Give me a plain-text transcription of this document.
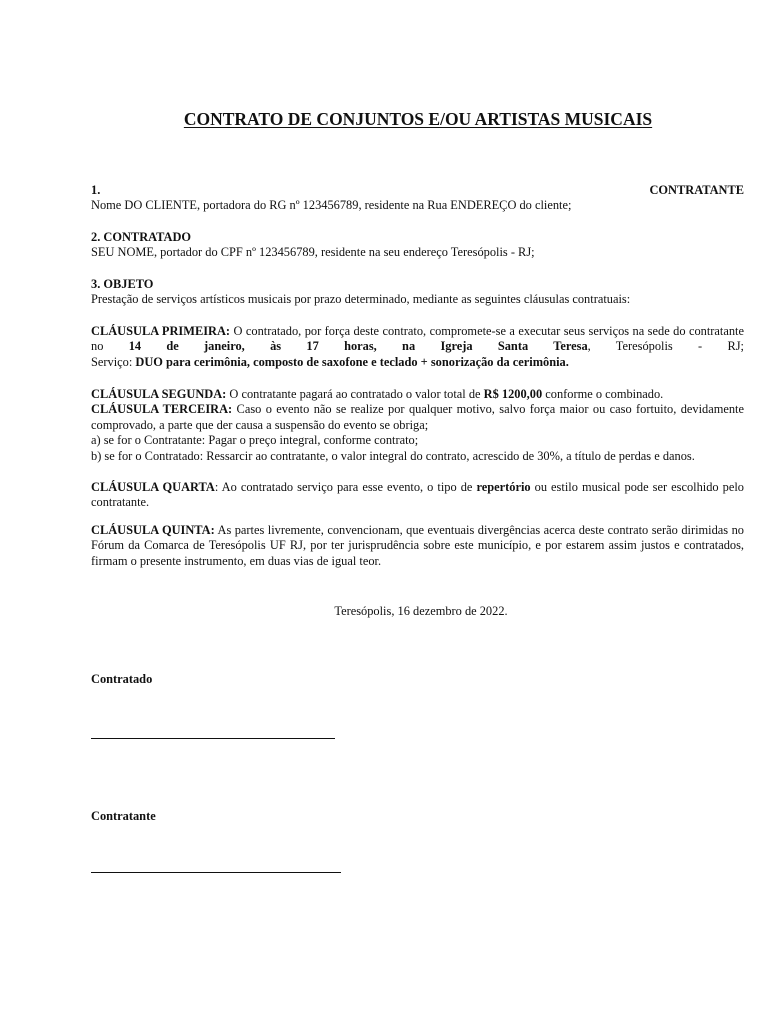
CONTRATO DE CONJUNTOS E/OU ARTISTAS MUSICAIS
1.	CONTRATANTE
Nome DO CLIENTE, portadora do RG nº 123456789, residente na Rua ENDEREÇO do cliente;
2. CONTRATADO
SEU NOME, portador do CPF nº 123456789, residente na seu endereço Teresópolis - RJ;
3. OBJETO
Prestação de serviços artísticos musicais por prazo determinado, mediante as seguintes cláusulas contratuais:

CLÁUSULA PRIMEIRA: O contratado, por força deste contrato, compromete-se a executar seus serviços na sede do contratante no 14 de janeiro, às 17 horas, na Igreja Santa Teresa, Teresópolis - RJ;

Serviço: DUO para cerimônia, composto de saxofone e teclado + sonorização da cerimônia.

CLÁUSULA SEGUNDA: O contratante pagará ao contratado o valor total de R$ 1200,00 conforme o combinado.

CLÁUSULA TERCEIRA: Caso o evento não se realize por qualquer motivo, salvo força maior ou caso fortuito, devidamente comprovado, a parte que der causa a suspensão do evento se obriga;

a) se for o Contratante: Pagar o preço integral, conforme contrato;
b) se for o Contratado: Ressarcir ao contratante, o valor integral do contrato, acrescido de 30%, a título de perdas e danos.

CLÁUSULA QUARTA: Ao contratado serviço para esse evento, o tipo de repertório ou estilo musical pode ser escolhido pelo contratante.

CLÁUSULA QUINTA: As partes livremente, convencionam, que eventuais divergências acerca deste contrato serão dirimidas no Fórum da Comarca de Teresópolis UF RJ, por ter jurisprudência sobre este município, e por estarem assim justos e contratados, firmam o presente instrumento, em duas vias de igual teor.

Teresópolis, 16 dezembro de 2022.
Contratado
Contratante
